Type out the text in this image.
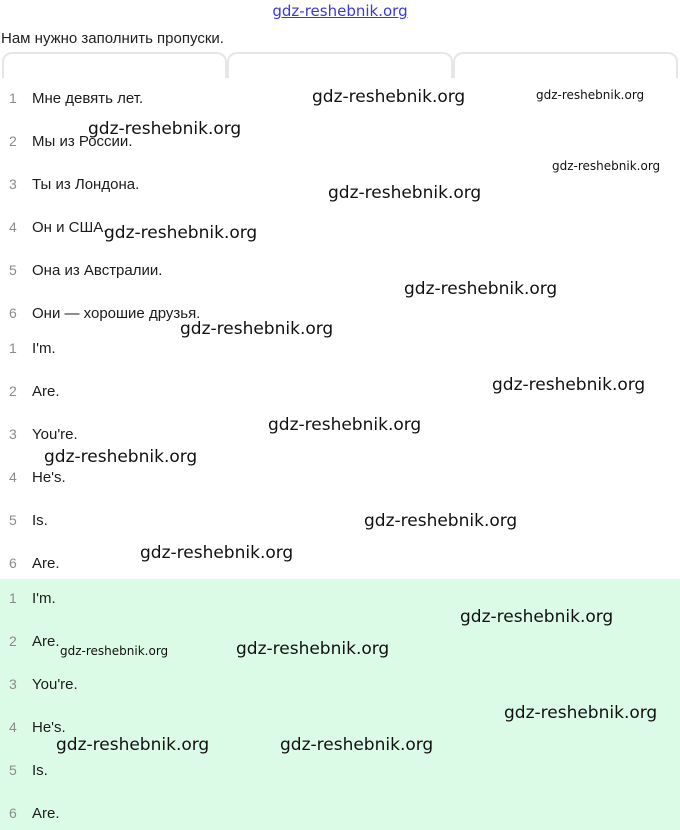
gdz-reshebnik.org
Нам нужно заполнить пропуски.
1	Мне девять лет.
2	Мы из России.
3	Ты из Лондона.
4	Он и США.
5	Она из Австралии.
6	Они — хорошие друзья.
1	I'm.
2	Are.
3	You're.
4	He's.
5	Is.
6	Are.
1	I'm.
2	Are.
3	You're.
4	He's.
5	Is.
6	Are.
gdz-reshebnik.org	gdz-reshebnik.org
gdz-reshebnik.org
gdz-reshebnik.org
gdz-reshebnik.org
gdz-reshebnik.org
gdz-reshebnik.org
gdz-reshebnik.org
gdz-reshebnik.org
gdz-reshebnik.org
gdz-reshebnik.org
gdz-reshebnik.org
gdz-reshebnik.org
gdz-reshebnik.org
gdz-reshebnik.org	gdz-reshebnik.org
gdz-reshebnik.org
gdz-reshebnik.org	gdz-reshebnik.org
